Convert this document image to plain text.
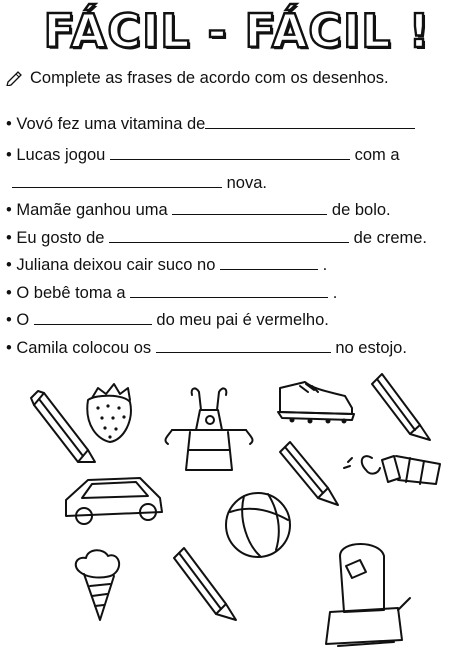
FÁCIL - FÁCIL !
Complete as frases de acordo com os desenhos.
• Vovó fez uma vitamina de
• Lucas jogou	com a
nova.
• Mamãe ganhou uma	de bolo.
• Eu gosto de	de creme.
• Juliana deixou cair suco no	.
• O bebê toma a	.
• O	do meu pai é vermelho.
• Camila colocou os	no estojo.
